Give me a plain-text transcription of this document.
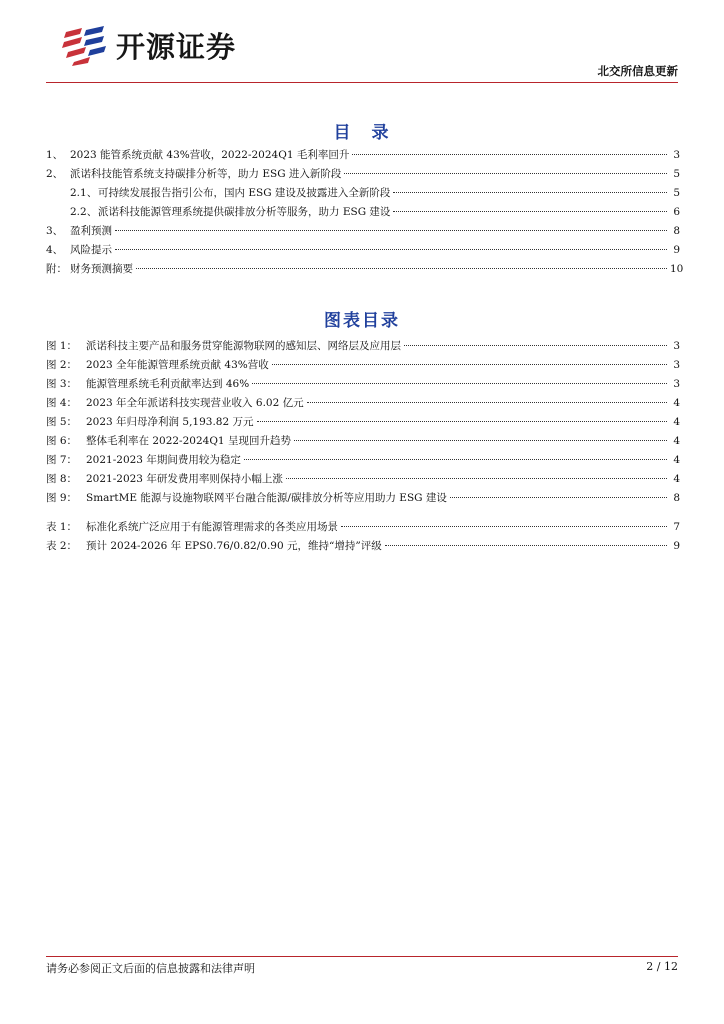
开源证券
北交所信息更新
目　录
1、 2023 能管系统贡献 43%营收，2022-2024Q1 毛利率回升	3
2、 派诺科技能管系统支持碳排分析等，助力 ESG 进入新阶段	5
2.1、 可持续发展报告指引公布，国内 ESG 建设及披露进入全新阶段	5
2.2、 派诺科技能源管理系统提供碳排放分析等服务，助力 ESG 建设	6
3、 盈利预测	8
4、 风险提示	9
附： 财务预测摘要	10
图表目录
图 1： 派诺科技主要产品和服务贯穿能源物联网的感知层、网络层及应用层	3
图 2： 2023 全年能源管理系统贡献 43%营收	3
图 3： 能源管理系统毛利贡献率达到 46%	3
图 4： 2023 年全年派诺科技实现营业收入 6.02 亿元	4
图 5： 2023 年归母净利润 5,193.82 万元	4
图 6： 整体毛利率在 2022-2024Q1 呈现回升趋势	4
图 7： 2021-2023 年期间费用较为稳定	4
图 8： 2021-2023 年研发费用率则保持小幅上涨	4
图 9： SmartME 能源与设施物联网平台融合能源/碳排放分析等应用助力 ESG 建设	8
表 1： 标准化系统广泛应用于有能源管理需求的各类应用场景	7
表 2： 预计 2024-2026 年 EPS0.76/0.82/0.90 元，维持“增持”评级	9
请务必参阅正文后面的信息披露和法律声明	2 / 12
